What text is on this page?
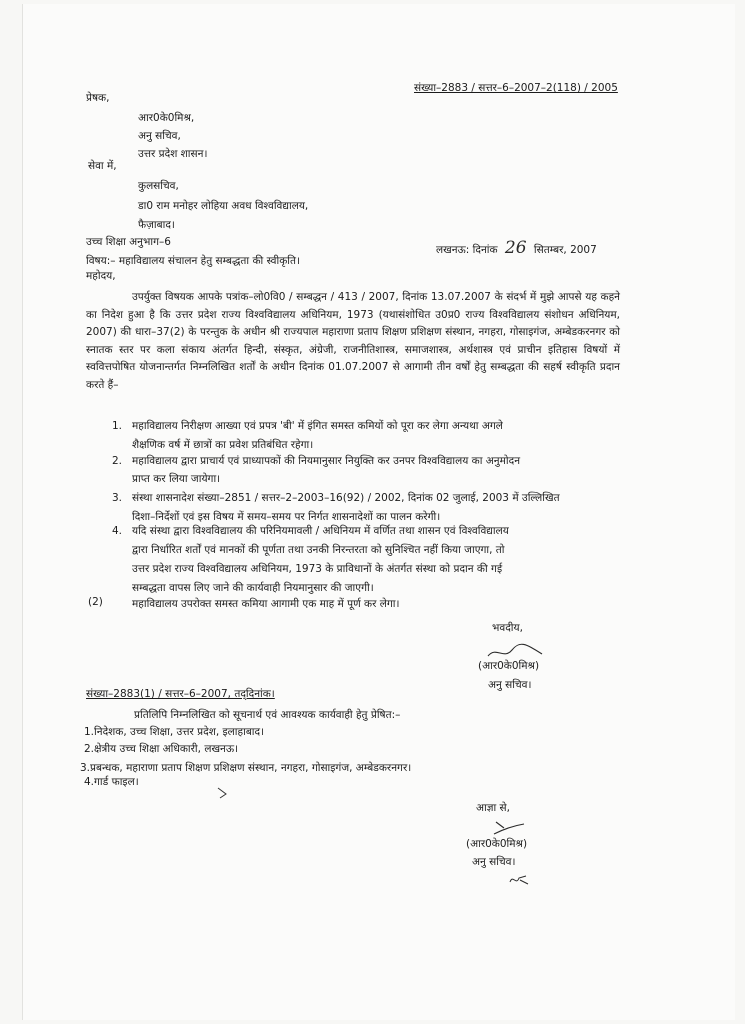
संख्या–2883 / सत्तर–6–2007–2(118) / 2005
प्रेषक,
आर0के0मिश्र,
अनु सचिव,
उत्तर प्रदेश शासन।
सेवा में,
कुलसचिव,
डा0 राम मनोहर लोहिया अवध विश्वविद्यालय,
फैज़ाबाद।
उच्च शिक्षा अनुभाग–6
लखनऊ: दिनांक 26 सितम्बर, 2007
विषय:– महाविद्यालय संचालन हेतु सम्बद्धता की स्वीकृति।
महोदय,
उपर्युक्त विषयक आपके पत्रांक–लो0वि0 / सम्बद्धन / 413 / 2007, दिनांक 13.07.2007 के संदर्भ में मुझे आपसे यह कहने का निदेश हुआ है कि उत्तर प्रदेश राज्य विश्वविद्यालय अधिनियम, 1973 (यथासंशोधित उ0प्र0 राज्य विश्वविद्यालय संशोधन अधिनियम, 2007) की धारा–37(2) के परन्तुक के अधीन श्री राज्यपाल महाराणा प्रताप शिक्षण प्रशिक्षण संस्थान, नगहरा, गोसाइगंज, अम्बेडकरनगर को स्नातक स्तर पर कला संकाय अंतर्गत हिन्दी, संस्कृत, अंग्रेजी, राजनीतिशास्त्र, समाजशास्त्र, अर्थशास्त्र एवं प्राचीन इतिहास विषयों में स्ववित्तपोषित योजनान्तर्गत निम्नलिखित शर्तों के अधीन दिनांक 01.07.2007 से आगामी तीन वर्षों हेतु सम्बद्धता की सहर्ष स्वीकृति प्रदान करते हैं–
1. महाविद्यालय निरीक्षण आख्या एवं प्रपत्र 'बी' में इंगित समस्त कमियों को पूरा कर लेगा अन्यथा अगले
शैक्षणिक वर्ष में छात्रों का प्रवेश प्रतिबंधित रहेगा।
2. महाविद्यालय द्वारा प्राचार्य एवं प्राध्यापकों की नियमानुसार नियुक्ति कर उनपर विश्वविद्यालय का अनुमोदन
प्राप्त कर लिया जायेगा।
3. संस्था शासनादेश संख्या–2851 / सत्तर–2–2003–16(92) / 2002, दिनांक 02 जुलाई, 2003 में उल्लिखित
दिशा–निर्देशों एवं इस विषय में समय–समय पर निर्गत शासनादेशों का पालन करेगी।
4. यदि संस्था द्वारा विश्वविद्यालय की परिनियमावली / अधिनियम में वर्णित तथा शासन एवं विश्वविद्यालय
द्वारा निर्धारित शर्तों एवं मानकों की पूर्णता तथा उनकी निरन्तरता को सुनिश्चित नहीं किया जाएगा, तो
उत्तर प्रदेश राज्य विश्वविद्यालय अधिनियम, 1973 के प्राविधानों के अंतर्गत संस्था को प्रदान की गई
सम्बद्धता वापस लिए जाने की कार्यवाही नियमानुसार की जाएगी।
(2)	महाविद्यालय उपरोक्त समस्त कमिया आगामी एक माह में पूर्ण कर लेगा।
भवदीय,
(आर0के0मिश्र)
अनु सचिव।
संख्या–2883(1) / सत्तर–6–2007, तद्‌दिनांक।
प्रतिलिपि निम्नलिखित को सूचनार्थ एवं आवश्यक कार्यवाही हेतु प्रेषित:–
1.निदेशक, उच्च शिक्षा, उत्तर प्रदेश, इलाहाबाद।
2.क्षेत्रीय उच्च शिक्षा अधिकारी, लखनऊ।
3.प्रबन्धक, महाराणा प्रताप शिक्षण प्रशिक्षण संस्थान, नगहरा, गोसाइगंज, अम्बेडकरनगर।
4.गार्ड फाइल।
आज्ञा से,
(आर0के0मिश्र)
अनु सचिव।
